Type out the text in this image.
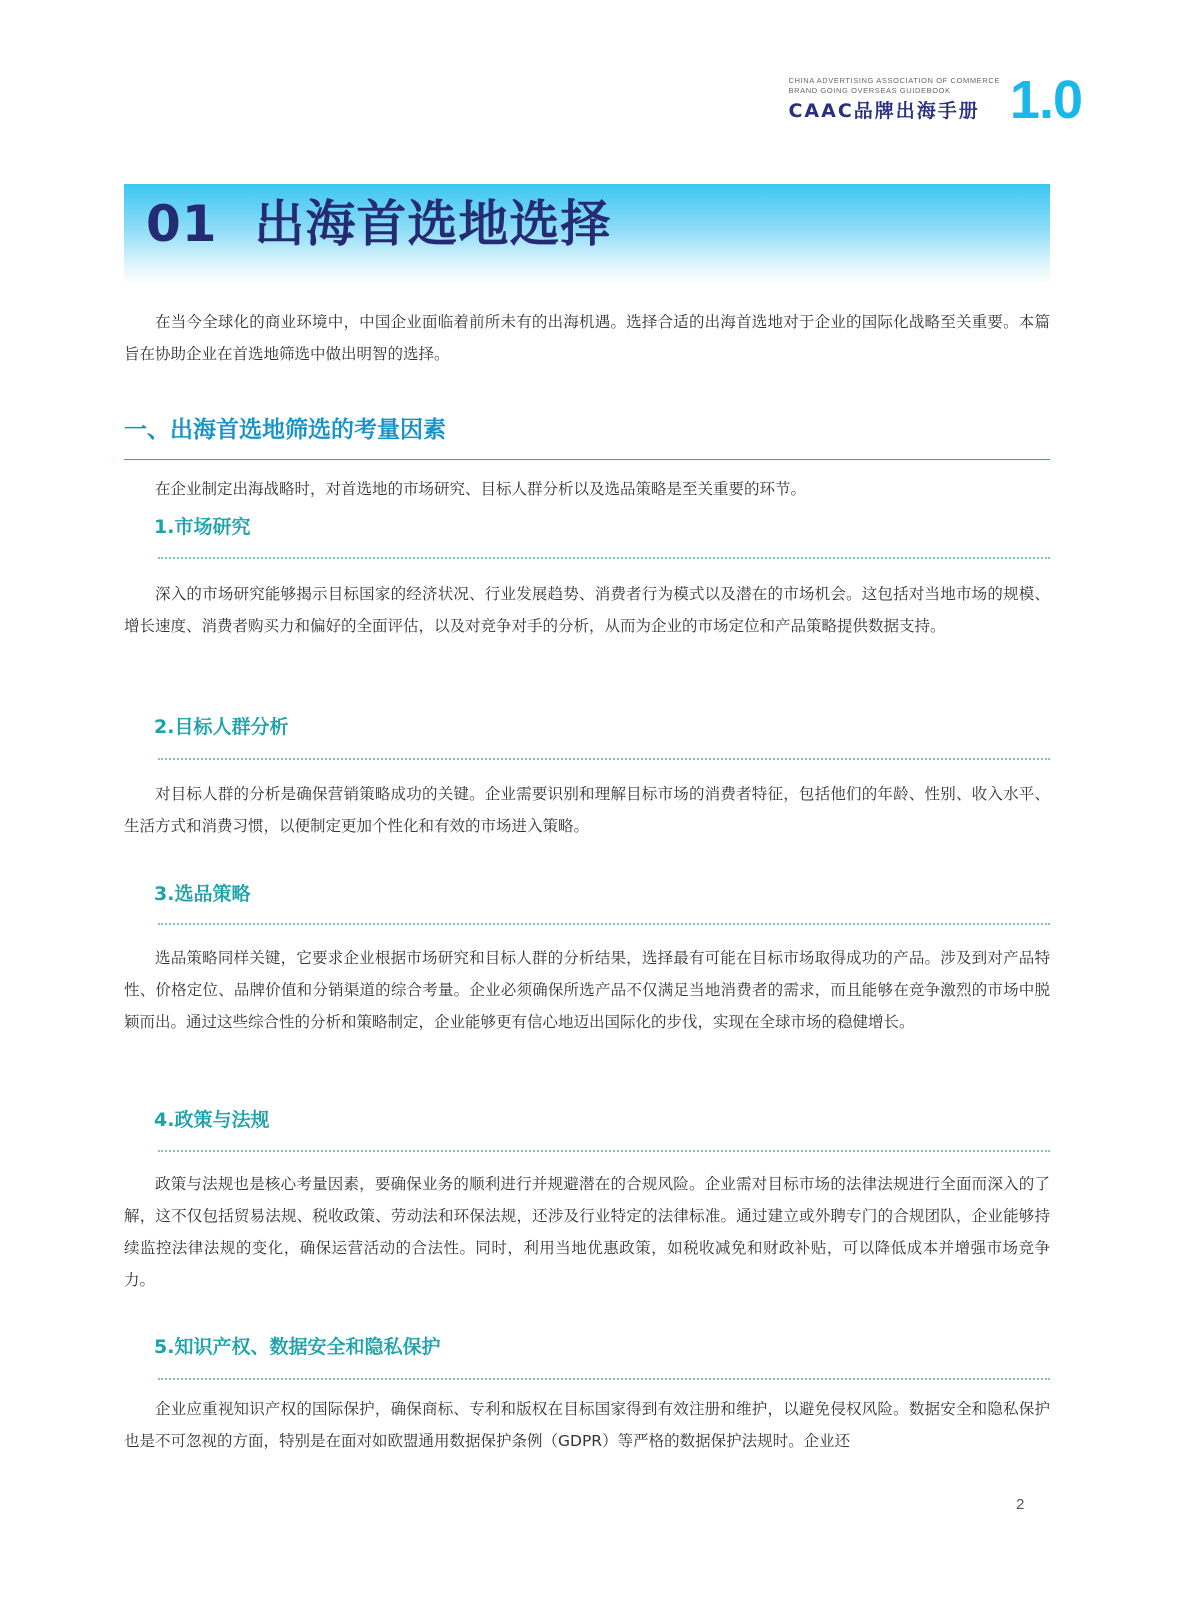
CHINA ADVERTISING ASSOCIATION OF COMMERCE
BRAND GOING OVERSEAS GUIDEBOOK
CAAC品牌出海手册 1.0
01  出海首选地选择

在当今全球化的商业环境中，中国企业面临着前所未有的出海机遇。选择合适的出海首选地对于企业的国际化战略至关重要。本篇旨在协助企业在首选地筛选中做出明智的选择。

一、出海首选地筛选的考量因素

在企业制定出海战略时，对首选地的市场研究、目标人群分析以及选品策略是至关重要的环节。

1.市场研究

深入的市场研究能够揭示目标国家的经济状况、行业发展趋势、消费者行为模式以及潜在的市场机会。这包括对当地市场的规模、增长速度、消费者购买力和偏好的全面评估，以及对竞争对手的分析，从而为企业的市场定位和产品策略提供数据支持。

2.目标人群分析

对目标人群的分析是确保营销策略成功的关键。企业需要识别和理解目标市场的消费者特征，包括他们的年龄、性别、收入水平、生活方式和消费习惯，以便制定更加个性化和有效的市场进入策略。

3.选品策略

选品策略同样关键，它要求企业根据市场研究和目标人群的分析结果，选择最有可能在目标市场取得成功的产品。涉及到对产品特性、价格定位、品牌价值和分销渠道的综合考量。企业必须确保所选产品不仅满足当地消费者的需求，而且能够在竞争激烈的市场中脱颖而出。通过这些综合性的分析和策略制定，企业能够更有信心地迈出国际化的步伐，实现在全球市场的稳健增长。

4.政策与法规

政策与法规也是核心考量因素，要确保业务的顺利进行并规避潜在的合规风险。企业需对目标市场的法律法规进行全面而深入的了解，这不仅包括贸易法规、税收政策、劳动法和环保法规，还涉及行业特定的法律标准。通过建立或外聘专门的合规团队，企业能够持续监控法律法规的变化，确保运营活动的合法性。同时，利用当地优惠政策，如税收减免和财政补贴，可以降低成本并增强市场竞争力。

5.知识产权、数据安全和隐私保护

企业应重视知识产权的国际保护，确保商标、专利和版权在目标国家得到有效注册和维护，以避免侵权风险。数据安全和隐私保护也是不可忽视的方面，特别是在面对如欧盟通用数据保护条例（GDPR）等严格的数据保护法规时。企业还

2
